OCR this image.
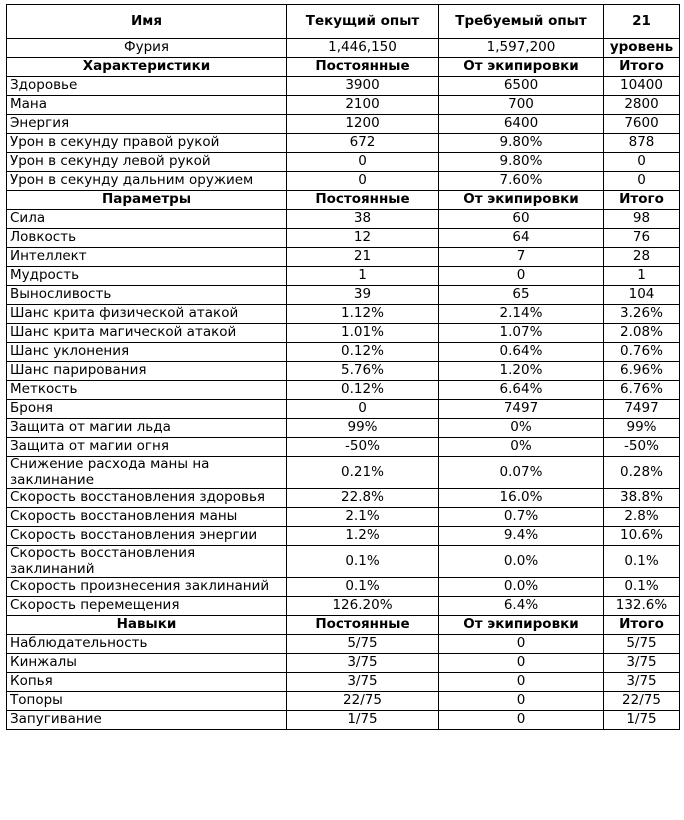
Имя	Текущий опыт	Требуемый опыт	21
Фурия	1,446,150	1,597,200	уровень
Характеристики	Постоянные	От экипировки	Итого
Здоровье	3900	6500	10400
Мана	2100	700	2800
Энергия	1200	6400	7600
Урон в секунду правой рукой	672	9.80%	878
Урон в секунду левой рукой	0	9.80%	0
Урон в секунду дальним оружием	0	7.60%	0
Параметры	Постоянные	От экипировки	Итого
Сила	38	60	98
Ловкость	12	64	76
Интеллект	21	7	28
Мудрость	1	0	1
Выносливость	39	65	104
Шанс крита физической атакой	1.12%	2.14%	3.26%
Шанс крита магической атакой	1.01%	1.07%	2.08%
Шанс уклонения	0.12%	0.64%	0.76%
Шанс парирования	5.76%	1.20%	6.96%
Меткость	0.12%	6.64%	6.76%
Броня	0	7497	7497
Защита от магии льда	99%	0%	99%
Защита от магии огня	-50%	0%	-50%
Снижение расхода маны на заклинание	0.21%	0.07%	0.28%
Скорость восстановления здоровья	22.8%	16.0%	38.8%
Скорость восстановления маны	2.1%	0.7%	2.8%
Скорость восстановления энергии	1.2%	9.4%	10.6%
Скорость восстановления заклинаний	0.1%	0.0%	0.1%
Скорость произнесения заклинаний	0.1%	0.0%	0.1%
Скорость перемещения	126.20%	6.4%	132.6%
Навыки	Постоянные	От экипировки	Итого
Наблюдательность	5/75	0	5/75
Кинжалы	3/75	0	3/75
Копья	3/75	0	3/75
Топоры	22/75	0	22/75
Запугивание	1/75	0	1/75
